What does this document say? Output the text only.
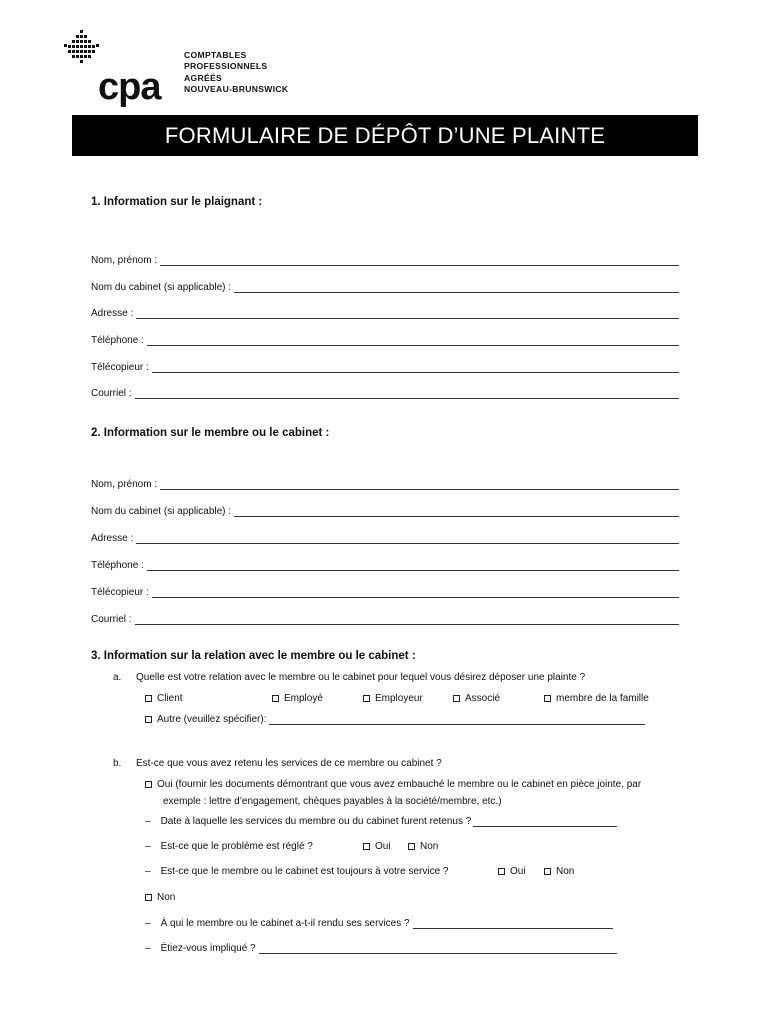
cpa
COMPTABLES
PROFESSIONNELS
AGRÉÉS
NOUVEAU-BRUNSWICK
FORMULAIRE DE DÉPÔT D’UNE PLAINTE
1. Information sur le plaignant :
Nom, prénom :
Nom du cabinet (si applicable) :
Adresse :
Téléphone :
Télécopieur :
Courriel :
2. Information sur le membre ou le cabinet :
Nom, prénom :
Nom du cabinet (si applicable) :
Adresse :
Téléphone :
Télécopieur :
Courriel :
3. Information sur la relation avec le membre ou le cabinet :
a. Quelle est votre relation avec le membre ou le cabinet pour lequel vous désirez déposer une plainte ?
Client	Employé	Employeur	Associé	membre de la famille
Autre (veuillez spécifier):
b. Est-ce que vous avez retenu les services de ce membre ou cabinet ?
Oui (fournir les documents démontrant que vous avez embauché le membre ou le cabinet en pièce jointe, par
exemple : lettre d’engagement, chèques payables à la société/membre, etc.)
– Date à laquelle les services du membre ou du cabinet furent retenus ?
– Est-ce que le problème est réglé ?	Oui	Non
– Est-ce que le membre ou le cabinet est toujours à votre service ?	Oui	Non
Non
– À qui le membre ou le cabinet a-t-il rendu ses services ?
– Étiez-vous impliqué ?
